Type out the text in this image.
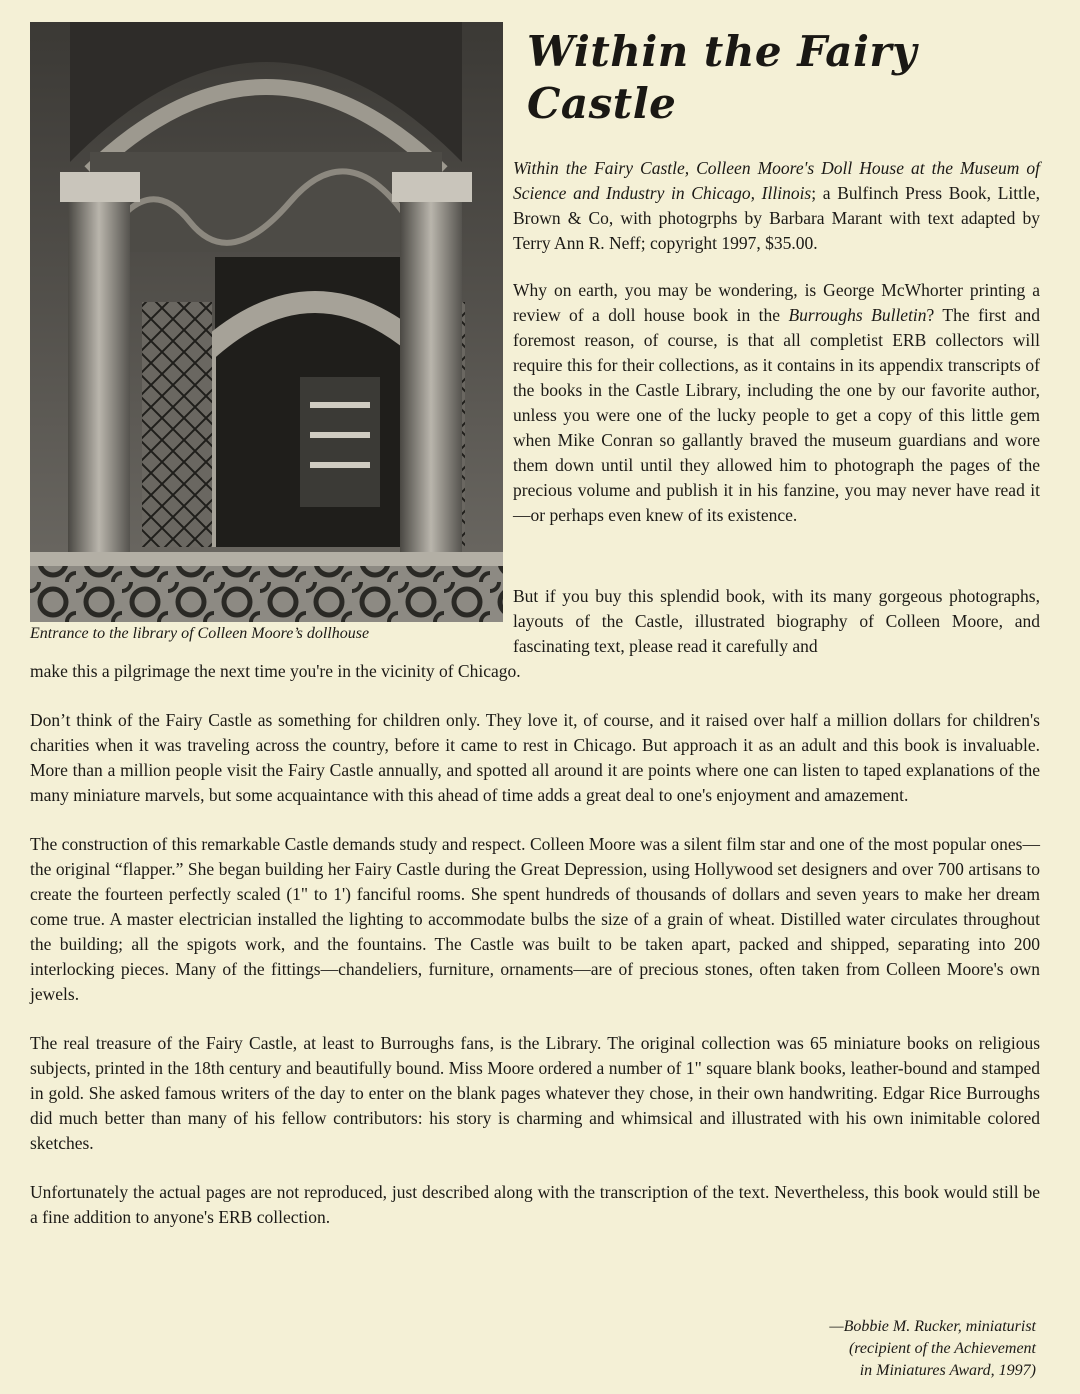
Entrance to the library of Colleen Moore’s dollhouse
Within the Fairy Castle

Within the Fairy Castle, Colleen Moore's Doll House at the Museum of Science and Industry in Chicago, Illinois; a Bulfinch Press Book, Little, Brown & Co, with photogrphs by Barbara Marant with text adapted by Terry Ann R. Neff; copyright 1997, $35.00.

Why on earth, you may be wondering, is George McWhorter printing a review of a doll house book in the Burroughs Bulletin? The first and foremost reason, of course, is that all completist ERB collectors will require this for their collections, as it contains in its appendix transcripts of the books in the Castle Library, including the one by our favorite author, unless you were one of the lucky people to get a copy of this little gem when Mike Conran so gallantly braved the museum guardians and wore them down until until they allowed him to photograph the pages of the precious volume and publish it in his fanzine, you may never have read it—or perhaps even knew of its existence.

But if you buy this splendid book, with its many gorgeous photographs, layouts of the Castle, illustrated biography of Colleen Moore, and fascinating text, please read it carefully and

make this a pilgrimage the next time you're in the vicinity of Chicago.

Don’t think of the Fairy Castle as something for children only. They love it, of course, and it raised over half a million dollars for children's charities when it was traveling across the country, before it came to rest in Chicago. But approach it as an adult and this book is invaluable. More than a million people visit the Fairy Castle annually, and spotted all around it are points where one can listen to taped explanations of the many miniature marvels, but some acquaintance with this ahead of time adds a great deal to one's enjoyment and amazement.

The construction of this remarkable Castle demands study and respect. Colleen Moore was a silent film star and one of the most popular ones—the original “flapper.” She began building her Fairy Castle during the Great Depression, using Hollywood set designers and over 700 artisans to create the fourteen perfectly scaled (1" to 1') fanciful rooms. She spent hundreds of thousands of dollars and seven years to make her dream come true. A master electrician installed the lighting to accommodate bulbs the size of a grain of wheat. Distilled water circulates throughout the building; all the spigots work, and the fountains. The Castle was built to be taken apart, packed and shipped, separating into 200 interlocking pieces. Many of the fittings—chandeliers, furniture, ornaments—are of precious stones, often taken from Colleen Moore's own jewels.

The real treasure of the Fairy Castle, at least to Burroughs fans, is the Library. The original collection was 65 miniature books on religious subjects, printed in the 18th century and beautifully bound. Miss Moore ordered a number of 1" square blank books, leather-bound and stamped in gold. She asked famous writers of the day to enter on the blank pages whatever they chose, in their own handwriting. Edgar Rice Burroughs did much better than many of his fellow contributors: his story is charming and whimsical and illustrated with his own inimitable colored sketches.

Unfortunately the actual pages are not reproduced, just described along with the transcription of the text. Nevertheless, this book would still be a fine addition to anyone's ERB collection.

—Bobbie M. Rucker, miniaturist
(recipient of the Achievement
in Miniatures Award, 1997)
